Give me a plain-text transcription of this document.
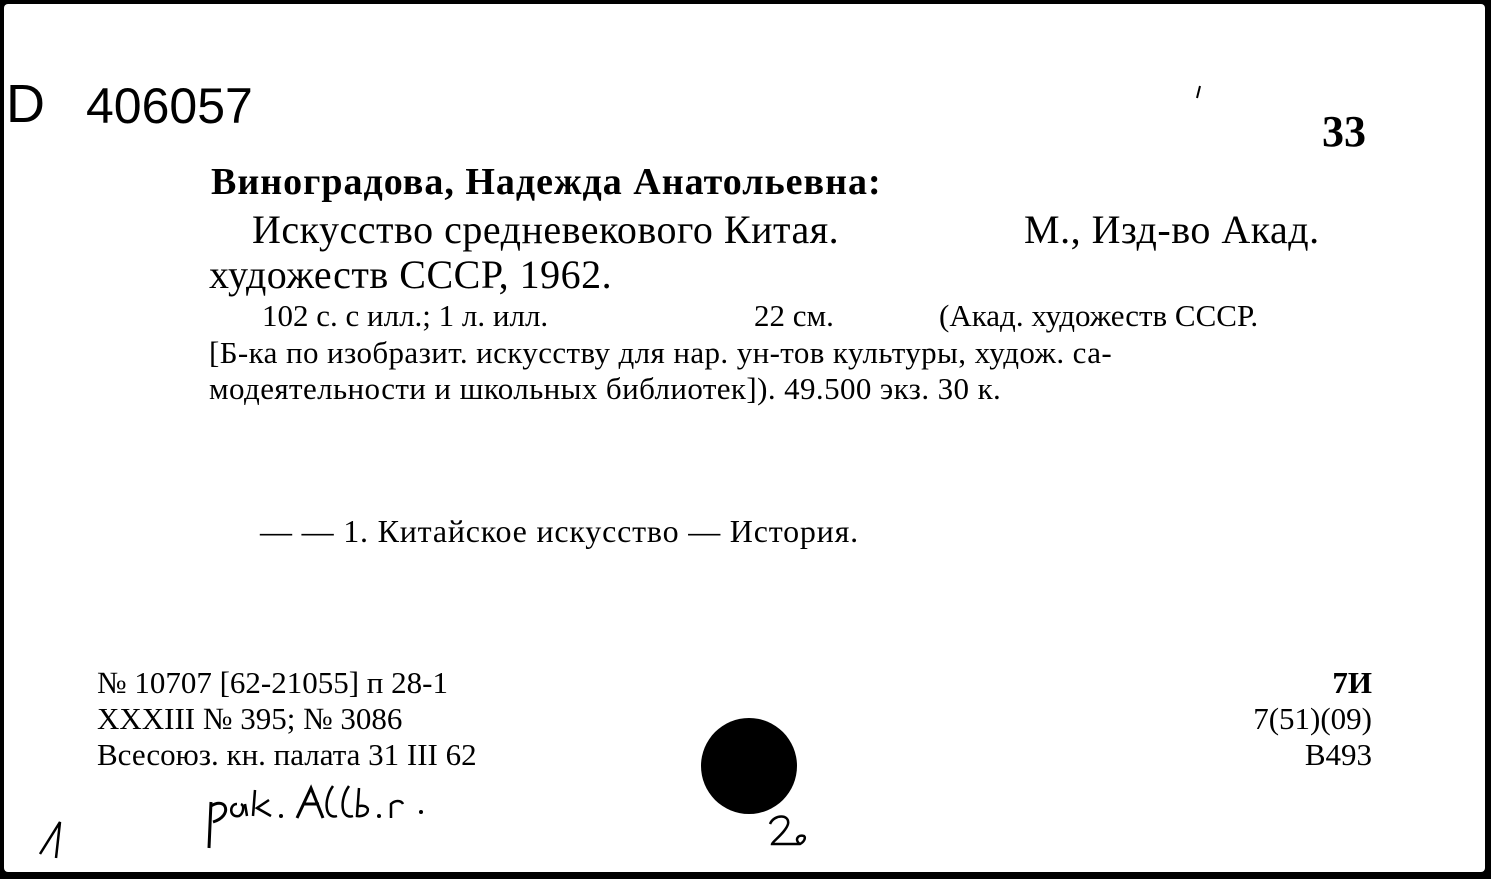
D 406057	33
Виноградова, Надежда Анатольевна:
Искусство средневекового Китая.	М., Изд-во Акад.
художеств СССР, 1962.
102 с. с илл.; 1 л. илл.	22 см.	(Акад. художеств СССР.
[Б-ка по изобразит. искусству для нар. ун-тов культуры, худож. са-
модеятельности и школьных библиотек]). 49.500 экз. 30 к.
— — 1. Китайское искусство — История.
№ 10707 [62-21055] п 28-1
XXXIII № 395; № 3086
Всесоюз. кн. палата 31 III 62
7И
7(51)(09)
В493
